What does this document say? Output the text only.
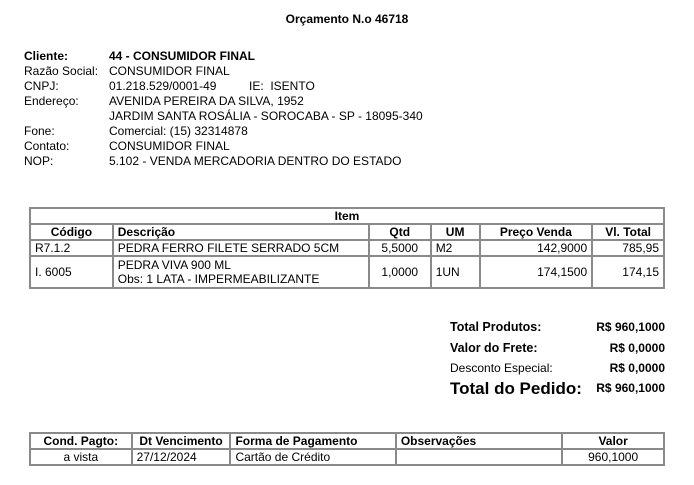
Orçamento N.o 46718
Cliente:	44 - CONSUMIDOR FINAL
Razão Social: CONSUMIDOR FINAL
CNPJ:	01.218.529/0001-49	IE: ISENTO
Endereço:	AVENIDA PEREIRA DA SILVA, 1952
JARDIM SANTA ROSÁLIA - SOROCABA - SP - 18095-340
Fone:	Comercial: (15) 32314878
Contato:	CONSUMIDOR FINAL
NOP:	5.102 - VENDA MERCADORIA DENTRO DO ESTADO
Item					
Código	Descrição	Qtd	UM	Preço Venda	Vl. Total
R7.1.2	PEDRA FERRO FILETE SERRADO 5CM	5,5000	M2	142,9000	785,95
I. 6005	PEDRA VIVA 900 ML
Obs: 1 LATA - IMPERMEABILIZANTE	1,0000	1UN	174,1500	174,15
Total Produtos:	R$ 960,1000
Valor do Frete:	R$ 0,0000
Desconto Especial:	R$ 0,0000
Total do Pedido: R$ 960,1000
Cond. Pagto:	Dt Vencimento	Forma de Pagamento	Observações	Valor
a vista	27/12/2024	Cartão de Crédito		960,1000
